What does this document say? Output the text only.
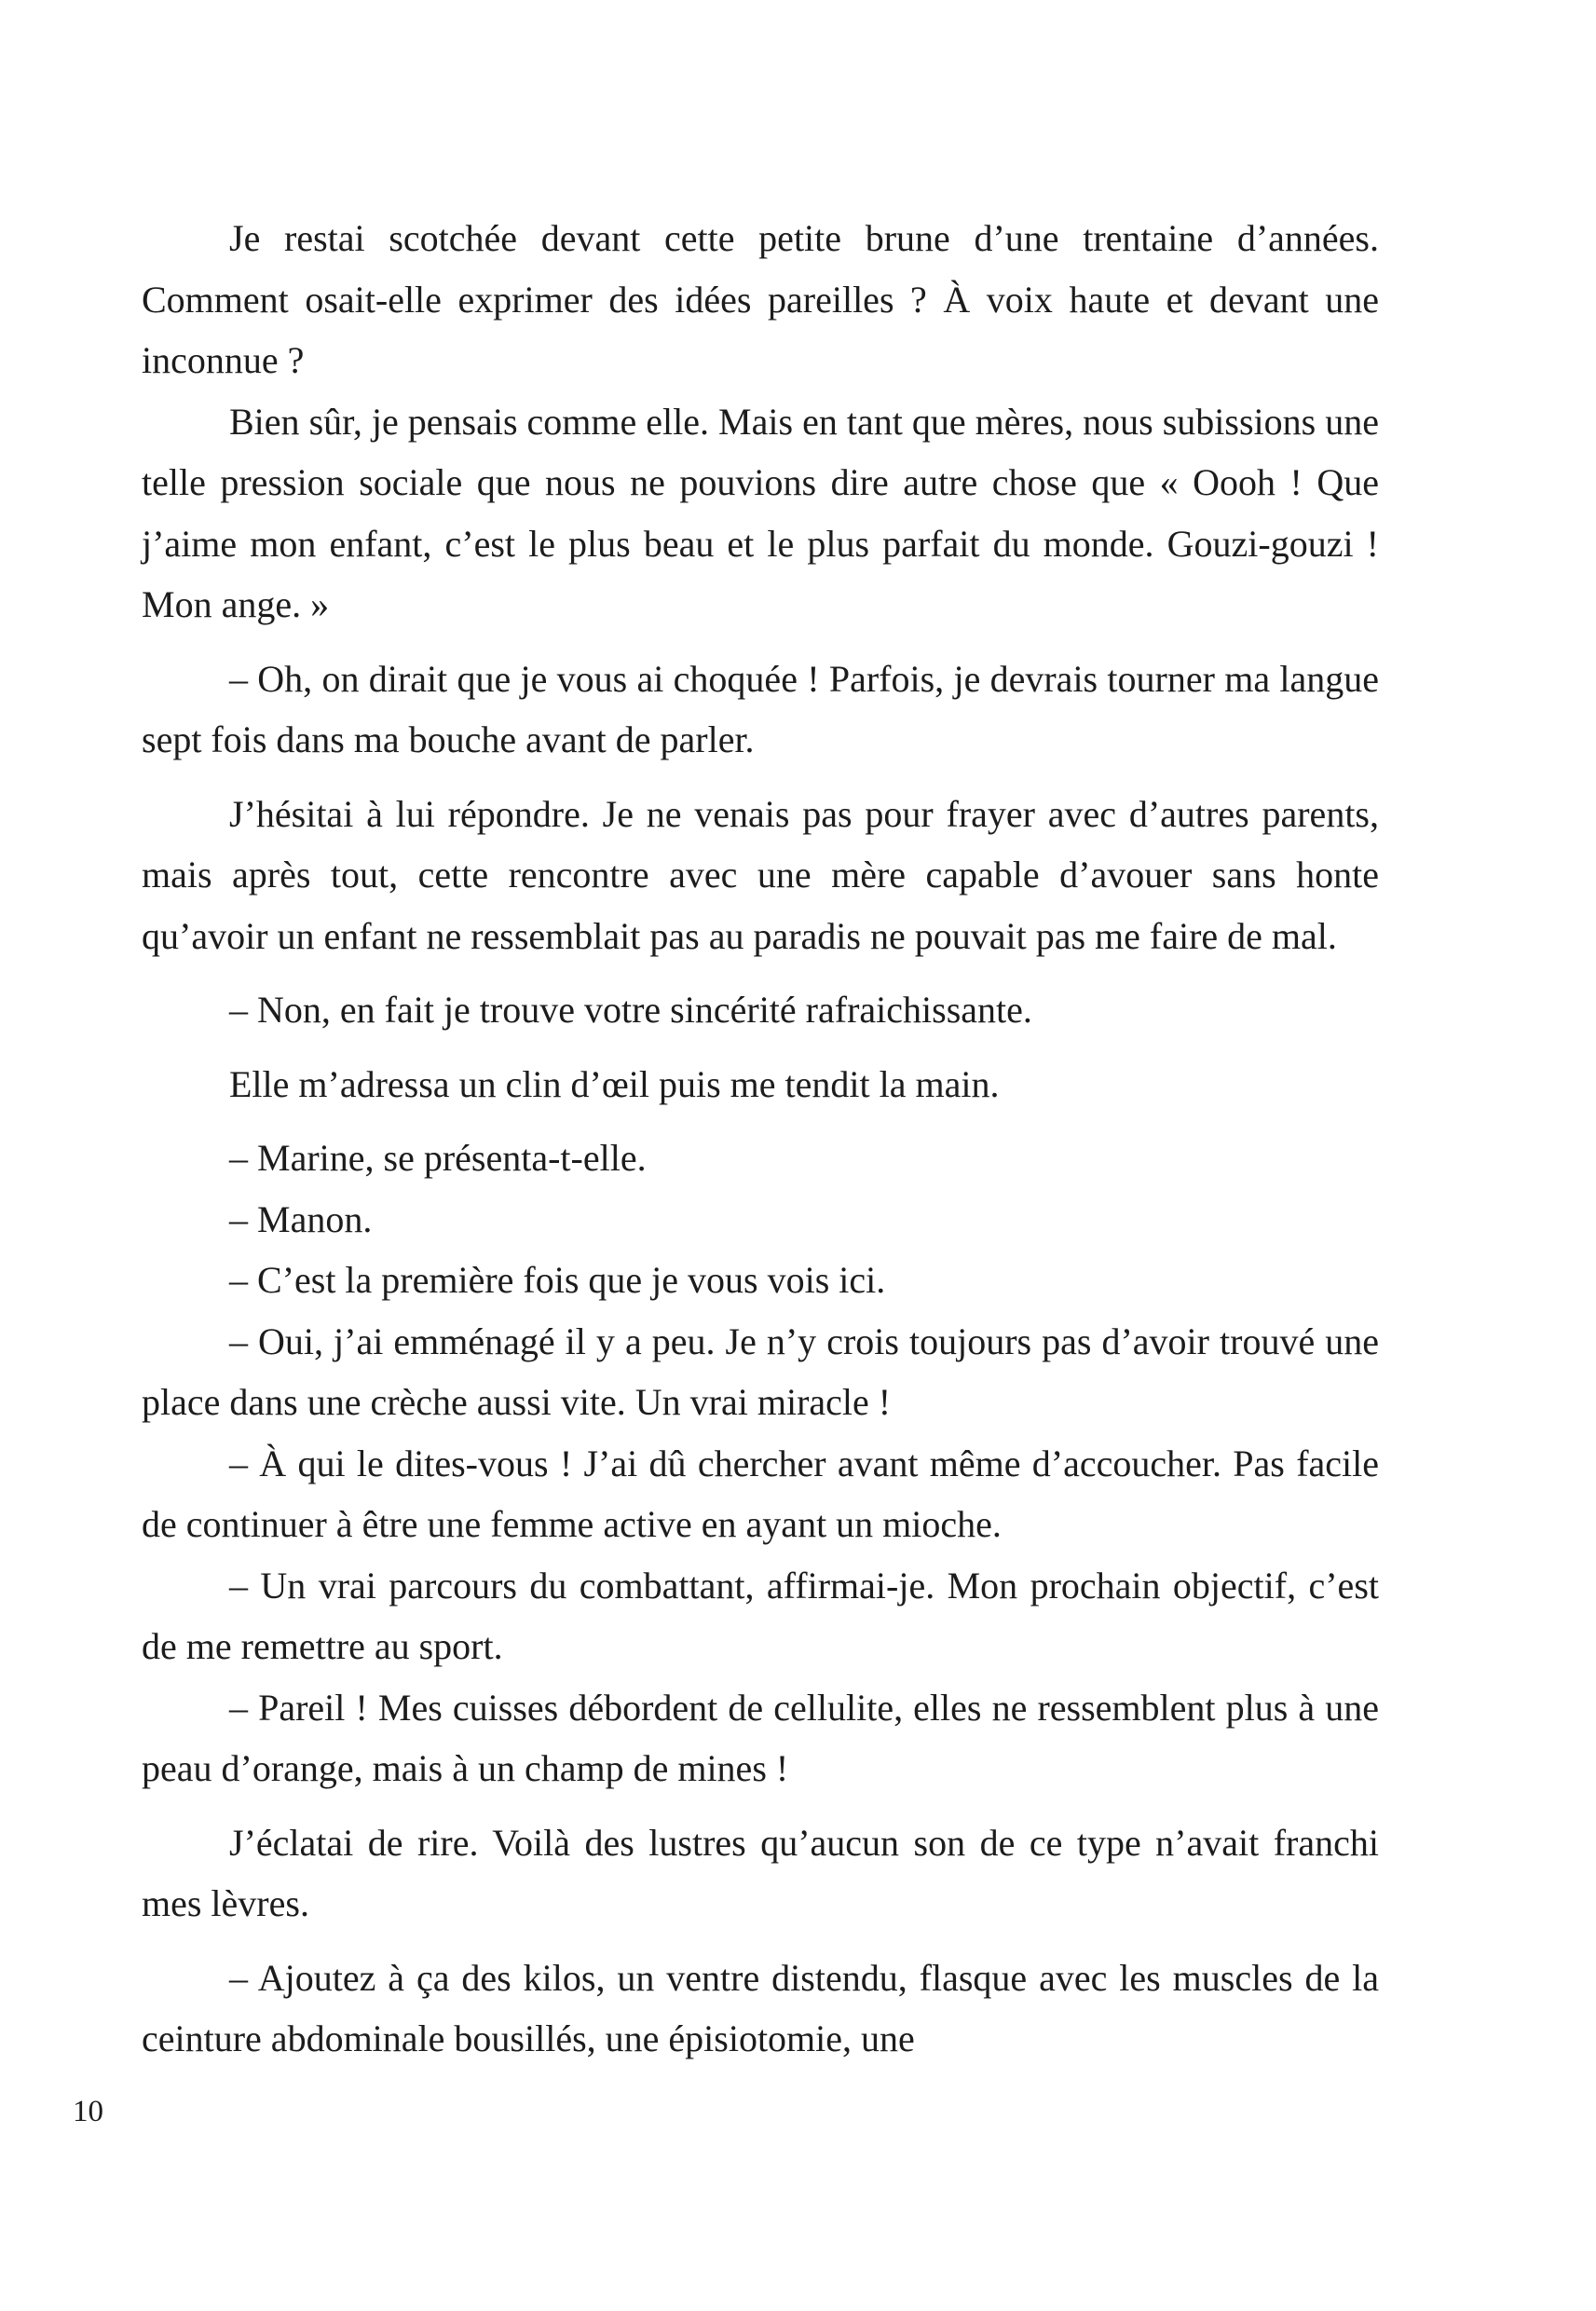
Je restai scotchée devant cette petite brune d’une trentaine d’années. Comment osait-elle exprimer des idées pareilles ? À voix haute et devant une inconnue ?

Bien sûr, je pensais comme elle. Mais en tant que mères, nous subissions une telle pression sociale que nous ne pouvions dire autre chose que « Oooh ! Que j’aime mon enfant, c’est le plus beau et le plus parfait du monde. Gouzi-gouzi ! Mon ange. »

– Oh, on dirait que je vous ai choquée ! Parfois, je devrais tourner ma langue sept fois dans ma bouche avant de parler.

J’hésitai à lui répondre. Je ne venais pas pour frayer avec d’autres parents, mais après tout, cette rencontre avec une mère capable d’avouer sans honte qu’avoir un enfant ne ressemblait pas au paradis ne pouvait pas me faire de mal.

– Non, en fait je trouve votre sincérité rafraichissante.

Elle m’adressa un clin d’œil puis me tendit la main.

– Marine, se présenta-t-elle.

– Manon.

– C’est la première fois que je vous vois ici.

– Oui, j’ai emménagé il y a peu. Je n’y crois toujours pas d’avoir trouvé une place dans une crèche aussi vite. Un vrai miracle !

– À qui le dites-vous ! J’ai dû chercher avant même d’accoucher. Pas facile de continuer à être une femme active en ayant un mioche.

– Un vrai parcours du combattant, affirmai-je. Mon prochain objectif, c’est de me remettre au sport.

– Pareil ! Mes cuisses débordent de cellulite, elles ne ressemblent plus à une peau d’orange, mais à un champ de mines !

J’éclatai de rire. Voilà des lustres qu’aucun son de ce type n’avait franchi mes lèvres.

– Ajoutez à ça des kilos, un ventre distendu, flasque avec les muscles de la ceinture abdominale bousillés, une épisiotomie, une

10
